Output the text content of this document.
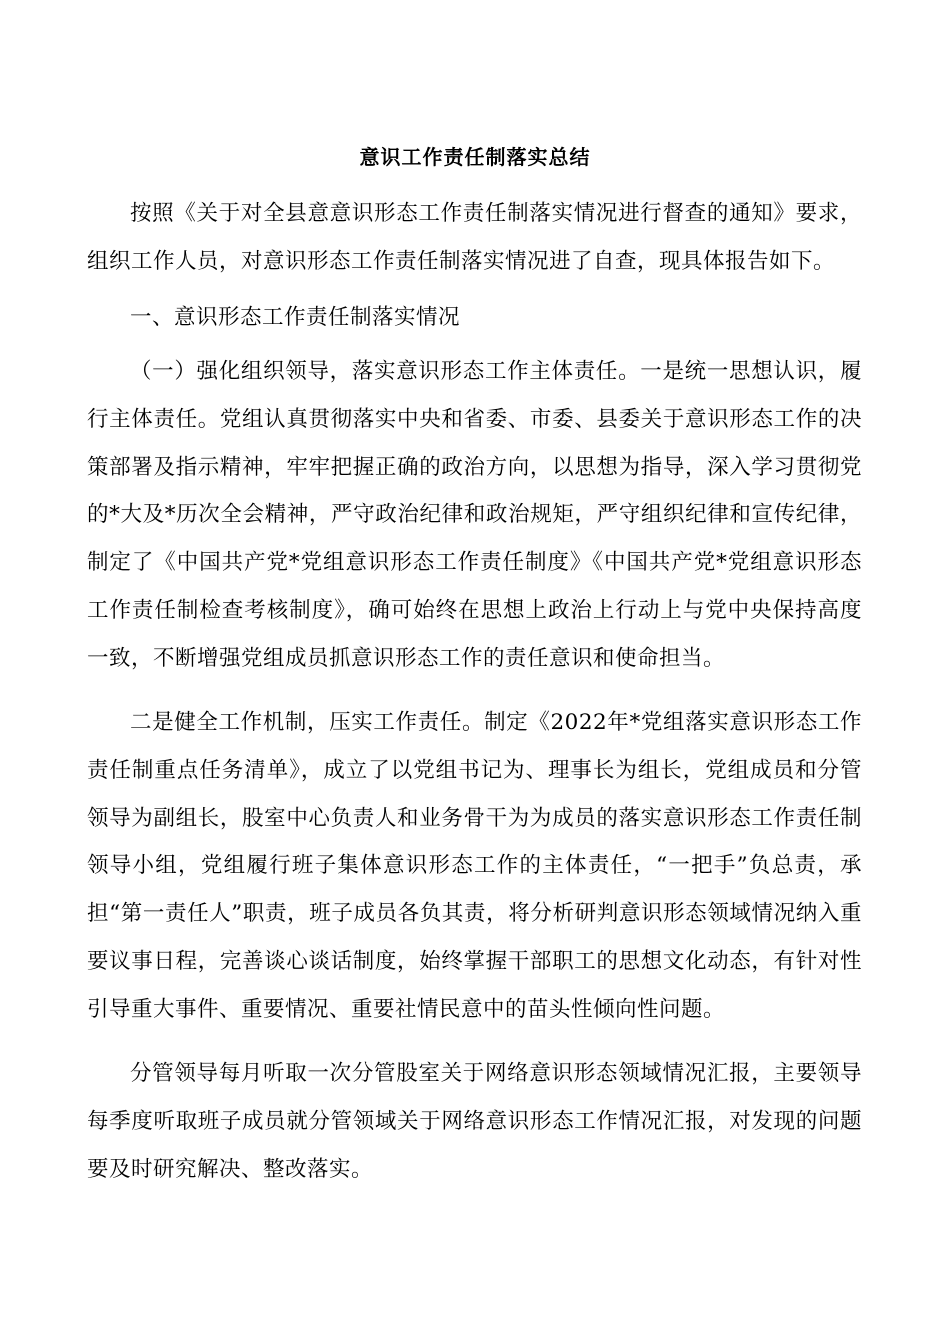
意识工作责任制落实总结
按照《关于对全县意意识形态工作责任制落实情况进行督查的通知》要求，组织工作人员，对意识形态工作责任制落实情况进了自查，现具体报告如下。
一、意识形态工作责任制落实情况
（一）强化组织领导，落实意识形态工作主体责任。一是统一思想认识，履行主体责任。党组认真贯彻落实中央和省委、市委、县委关于意识形态工作的决策部署及指示精神，牢牢把握正确的政治方向，以思想为指导，深入学习贯彻党的*大及*历次全会精神，严守政治纪律和政治规矩，严守组织纪律和宣传纪律，制定了《中国共产党*党组意识形态工作责任制度》《中国共产党*党组意识形态工作责任制检查考核制度》，确可始终在思想上政治上行动上与党中央保持高度一致，不断增强党组成员抓意识形态工作的责任意识和使命担当。
二是健全工作机制，压实工作责任。制定《2022年*党组落实意识形态工作责任制重点任务清单》，成立了以党组书记为、理事长为组长，党组成员和分管领导为副组长，股室中心负责人和业务骨干为为成员的落实意识形态工作责任制领导小组，党组履行班子集体意识形态工作的主体责任，“一把手”负总责，承担“第一责任人”职责，班子成员各负其责，将分析研判意识形态领域情况纳入重要议事日程，完善谈心谈话制度，始终掌握干部职工的思想文化动态，有针对性引导重大事件、重要情况、重要社情民意中的苗头性倾向性问题。
分管领导每月听取一次分管股室关于网络意识形态领域情况汇报，主要领导每季度听取班子成员就分管领域关于网络意识形态工作情况汇报，对发现的问题要及时研究解决、整改落实。
